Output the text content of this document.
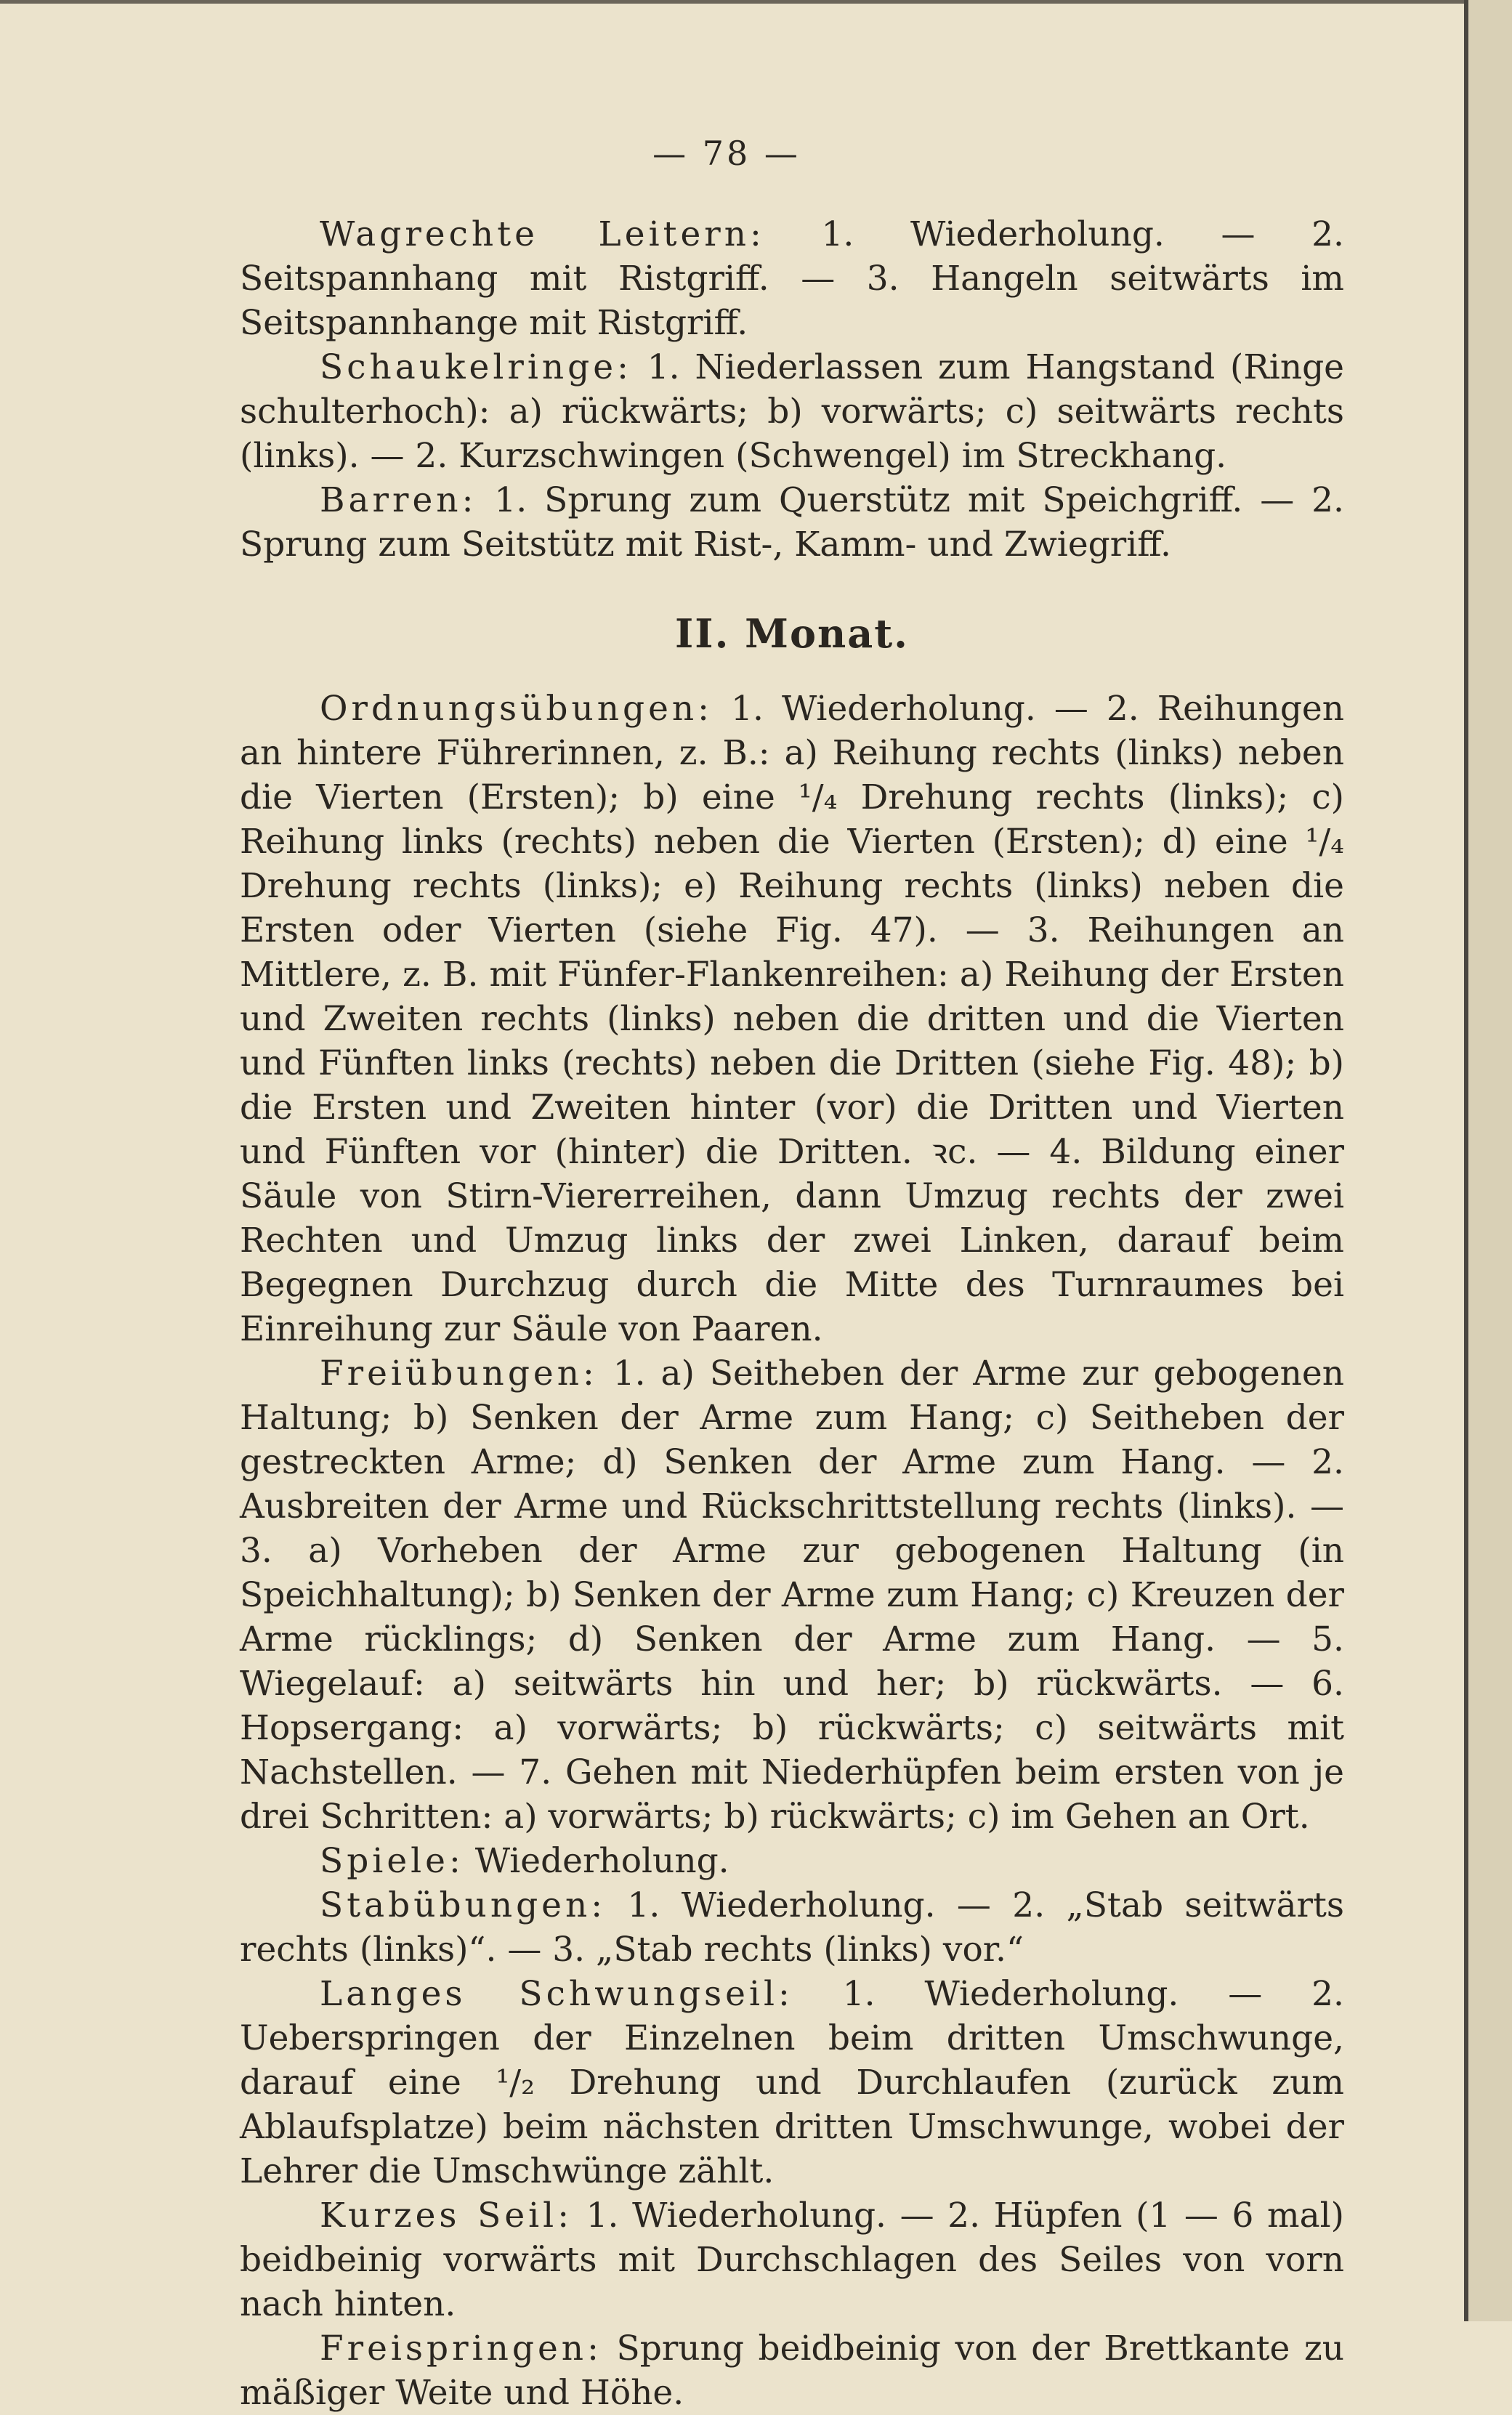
— 78 —

Wagrechte Leitern: 1. Wiederholung. — 2. Seitspannhang mit Ristgriff. — 3. Hangeln seitwärts im Seitspannhange mit Ristgriff.

Schaukelringe: 1. Niederlassen zum Hangstand (Ringe schulterhoch): a) rückwärts; b) vorwärts; c) seitwärts rechts (links). — 2. Kurzschwingen (Schwengel) im Streckhang.

Barren: 1. Sprung zum Querstütz mit Speichgriff. — 2. Sprung zum Seitstütz mit Rist-, Kamm- und Zwiegriff.

II. Monat.

Ordnungsübungen: 1. Wiederholung. — 2. Reihungen an hintere Führerinnen, z. B.: a) Reihung rechts (links) neben die Vierten (Ersten); b) eine ¹/₄ Drehung rechts (links); c) Reihung links (rechts) neben die Vierten (Ersten); d) eine ¹/₄ Drehung rechts (links); e) Reihung rechts (links) neben die Ersten oder Vierten (siehe Fig. 47). — 3. Reihungen an Mittlere, z. B. mit Fünfer-Flankenreihen: a) Reihung der Ersten und Zweiten rechts (links) neben die dritten und die Vierten und Fünften links (rechts) neben die Dritten (siehe Fig. 48); b) die Ersten und Zweiten hinter (vor) die Dritten und Vierten und Fünften vor (hinter) die Dritten. ꝛc. — 4. Bildung einer Säule von Stirn-Viererreihen, dann Umzug rechts der zwei Rechten und Umzug links der zwei Linken, darauf beim Begegnen Durchzug durch die Mitte des Turnraumes bei Einreihung zur Säule von Paaren.

Freiübungen: 1. a) Seitheben der Arme zur gebogenen Haltung; b) Senken der Arme zum Hang; c) Seitheben der gestreckten Arme; d) Senken der Arme zum Hang. — 2. Ausbreiten der Arme und Rückschrittstellung rechts (links). — 3. a) Vorheben der Arme zur gebogenen Haltung (in Speichhaltung); b) Senken der Arme zum Hang; c) Kreuzen der Arme rücklings; d) Senken der Arme zum Hang. — 5. Wiegelauf: a) seitwärts hin und her; b) rückwärts. — 6. Hopsergang: a) vorwärts; b) rückwärts; c) seitwärts mit Nachstellen. — 7. Gehen mit Niederhüpfen beim ersten von je drei Schritten: a) vorwärts; b) rückwärts; c) im Gehen an Ort.

Spiele: Wiederholung.

Stabübungen: 1. Wiederholung. — 2. „Stab seitwärts rechts (links)“. — 3. „Stab rechts (links) vor.“

Langes Schwungseil: 1. Wiederholung. — 2. Ueberspringen der Einzelnen beim dritten Umschwunge, darauf eine ¹/₂ Drehung und Durchlaufen (zurück zum Ablaufsplatze) beim nächsten dritten Umschwunge, wobei der Lehrer die Umschwünge zählt.

Kurzes Seil: 1. Wiederholung. — 2. Hüpfen (1 — 6 mal) beidbeinig vorwärts mit Durchschlagen des Seiles von vorn nach hinten.

Freispringen: Sprung beidbeinig von der Brettkante zu mäßiger Weite und Höhe.
